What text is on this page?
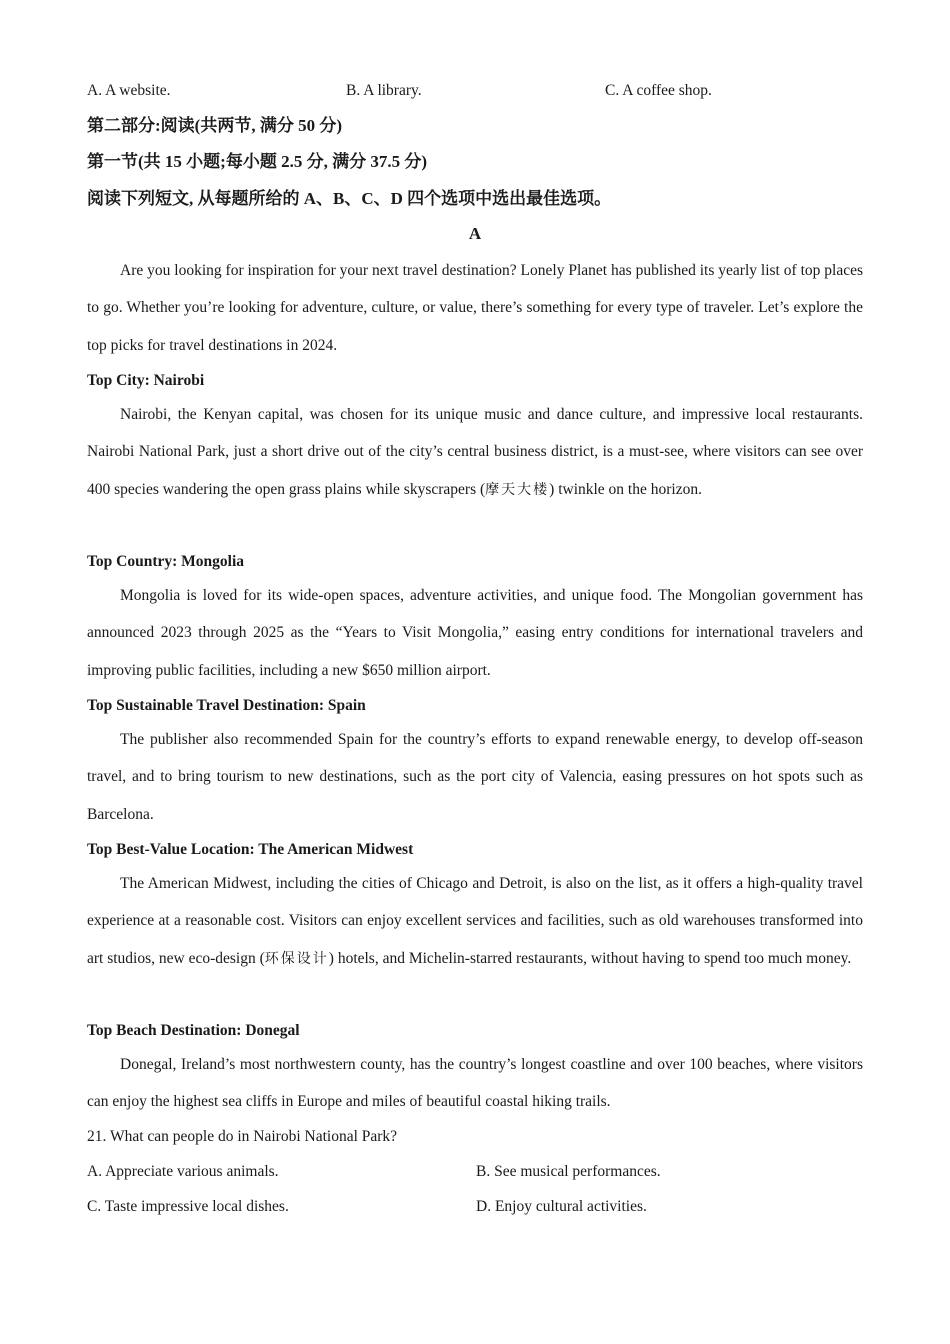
A. A website.	B. A library.	C. A coffee shop.
第二部分:阅读(共两节, 满分 50 分)
第一节(共 15 小题;每小题 2.5 分, 满分 37.5 分)
阅读下列短文, 从每题所给的 A、B、C、D 四个选项中选出最佳选项。
A
Are you looking for inspiration for your next travel destination? Lonely Planet has published its yearly list of top places to go. Whether you’re looking for adventure, culture, or value, there’s something for every type of traveler. Let’s explore the top picks for travel destinations in 2024.
Top City: Nairobi
Nairobi, the Kenyan capital, was chosen for its unique music and dance culture, and impressive local restaurants. Nairobi National Park, just a short drive out of the city’s central business district, is a must-see, where visitors can see over 400 species wandering the open grass plains while skyscrapers (摩天大楼) twinkle on the horizon.
Top Country: Mongolia
Mongolia is loved for its wide-open spaces, adventure activities, and unique food. The Mongolian government has announced 2023 through 2025 as the “Years to Visit Mongolia,” easing entry conditions for international travelers and improving public facilities, including a new $650 million airport.
Top Sustainable Travel Destination: Spain
The publisher also recommended Spain for the country’s efforts to expand renewable energy, to develop off-season travel, and to bring tourism to new destinations, such as the port city of Valencia, easing pressures on hot spots such as Barcelona.
Top Best-Value Location: The American Midwest
The American Midwest, including the cities of Chicago and Detroit, is also on the list, as it offers a high-quality travel experience at a reasonable cost. Visitors can enjoy excellent services and facilities, such as old warehouses transformed into art studios, new eco-design (环保设计) hotels, and Michelin-starred restaurants, without having to spend too much money.
Top Beach Destination: Donegal
Donegal, Ireland’s most northwestern county, has the country’s longest coastline and over 100 beaches, where visitors can enjoy the highest sea cliffs in Europe and miles of beautiful coastal hiking trails.
21. What can people do in Nairobi National Park?
A. Appreciate various animals.	B. See musical performances.
C. Taste impressive local dishes.	D. Enjoy cultural activities.
